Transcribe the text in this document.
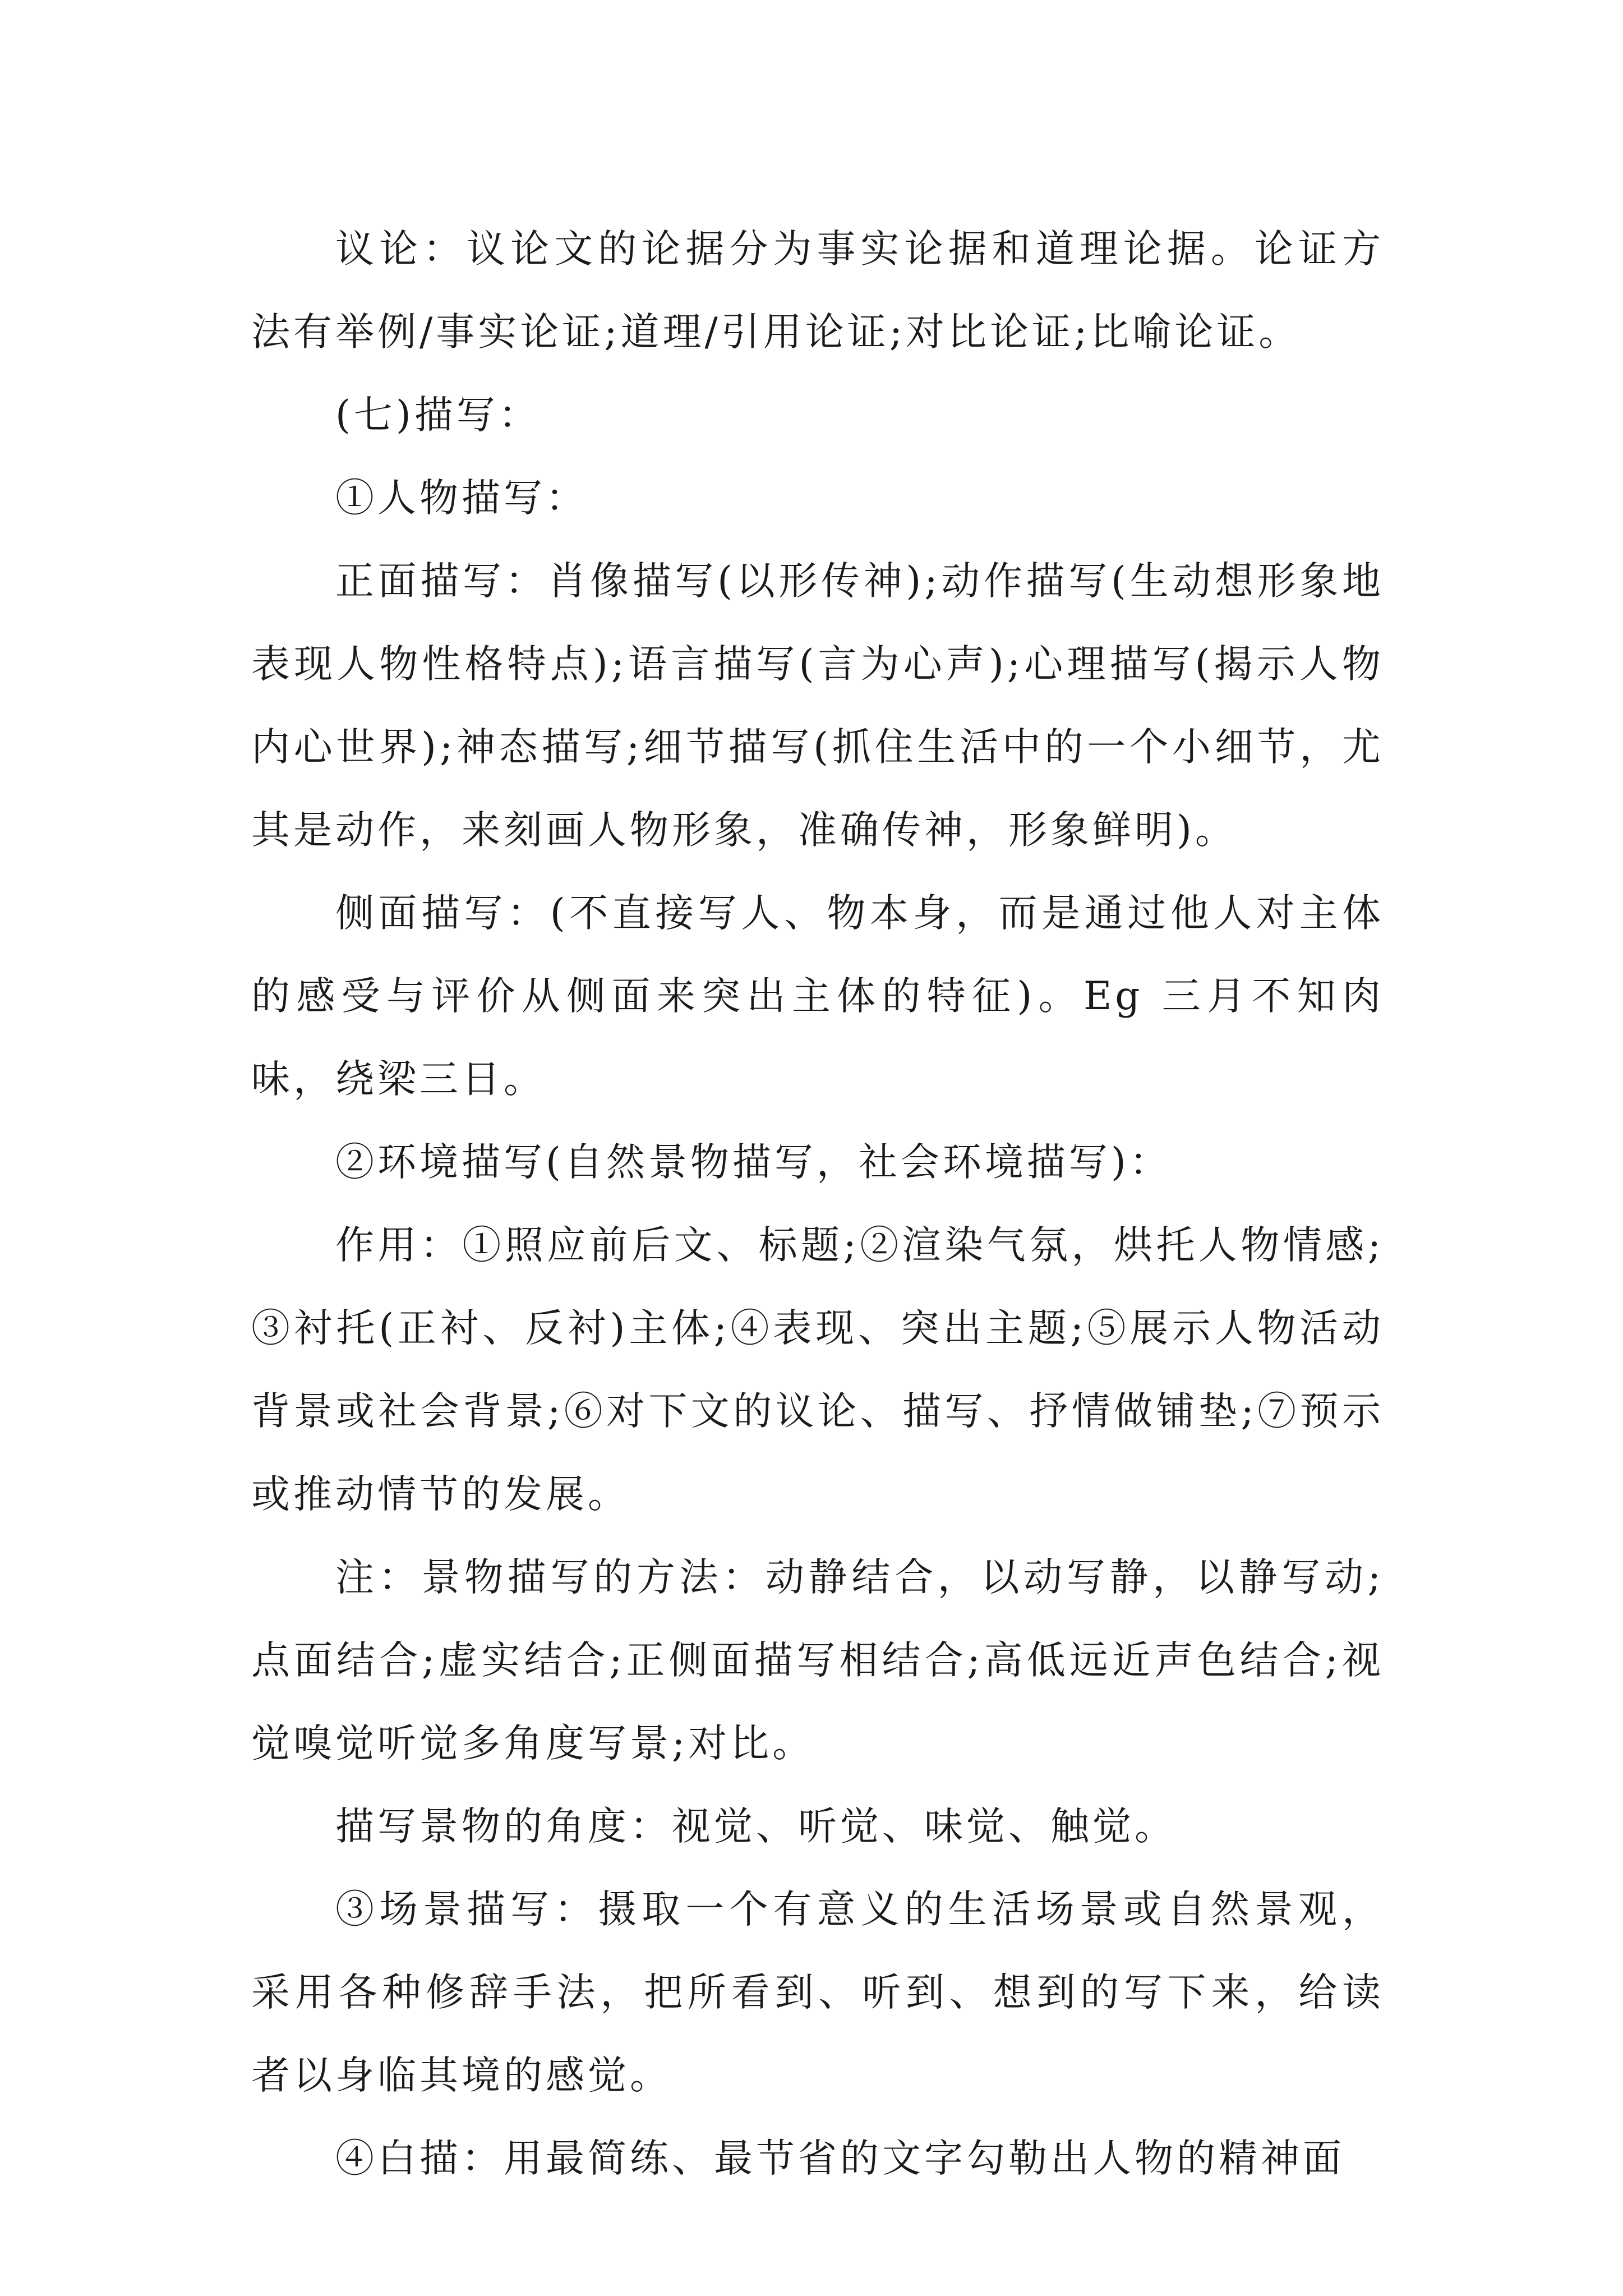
议论：议论文的论据分为事实论据和道理论据。论证方法有举例/事实论证;道理/引用论证;对比论证;比喻论证。

(七)描写：

①人物描写：

正面描写：肖像描写(以形传神);动作描写(生动想形象地表现人物性格特点);语言描写(言为心声);心理描写(揭示人物内心世界);神态描写;细节描写(抓住生活中的一个小细节，尤其是动作，来刻画人物形象，准确传神，形象鲜明)。

侧面描写：(不直接写人、物本身，而是通过他人对主体的感受与评价从侧面来突出主体的特征)。Eg 三月不知肉味，绕梁三日。

②环境描写(自然景物描写，社会环境描写)：

作用：①照应前后文、标题;②渲染气氛，烘托人物情感;③衬托(正衬、反衬)主体;④表现、突出主题;⑤展示人物活动背景或社会背景;⑥对下文的议论、描写、抒情做铺垫;⑦预示或推动情节的发展。

注：景物描写的方法：动静结合，以动写静，以静写动;点面结合;虚实结合;正侧面描写相结合;高低远近声色结合;视觉嗅觉听觉多角度写景;对比。

描写景物的角度：视觉、听觉、味觉、触觉。

③场景描写：摄取一个有意义的生活场景或自然景观，采用各种修辞手法，把所看到、听到、想到的写下来，给读者以身临其境的感觉。

④白描：用最简练、最节省的文字勾勒出人物的精神面
